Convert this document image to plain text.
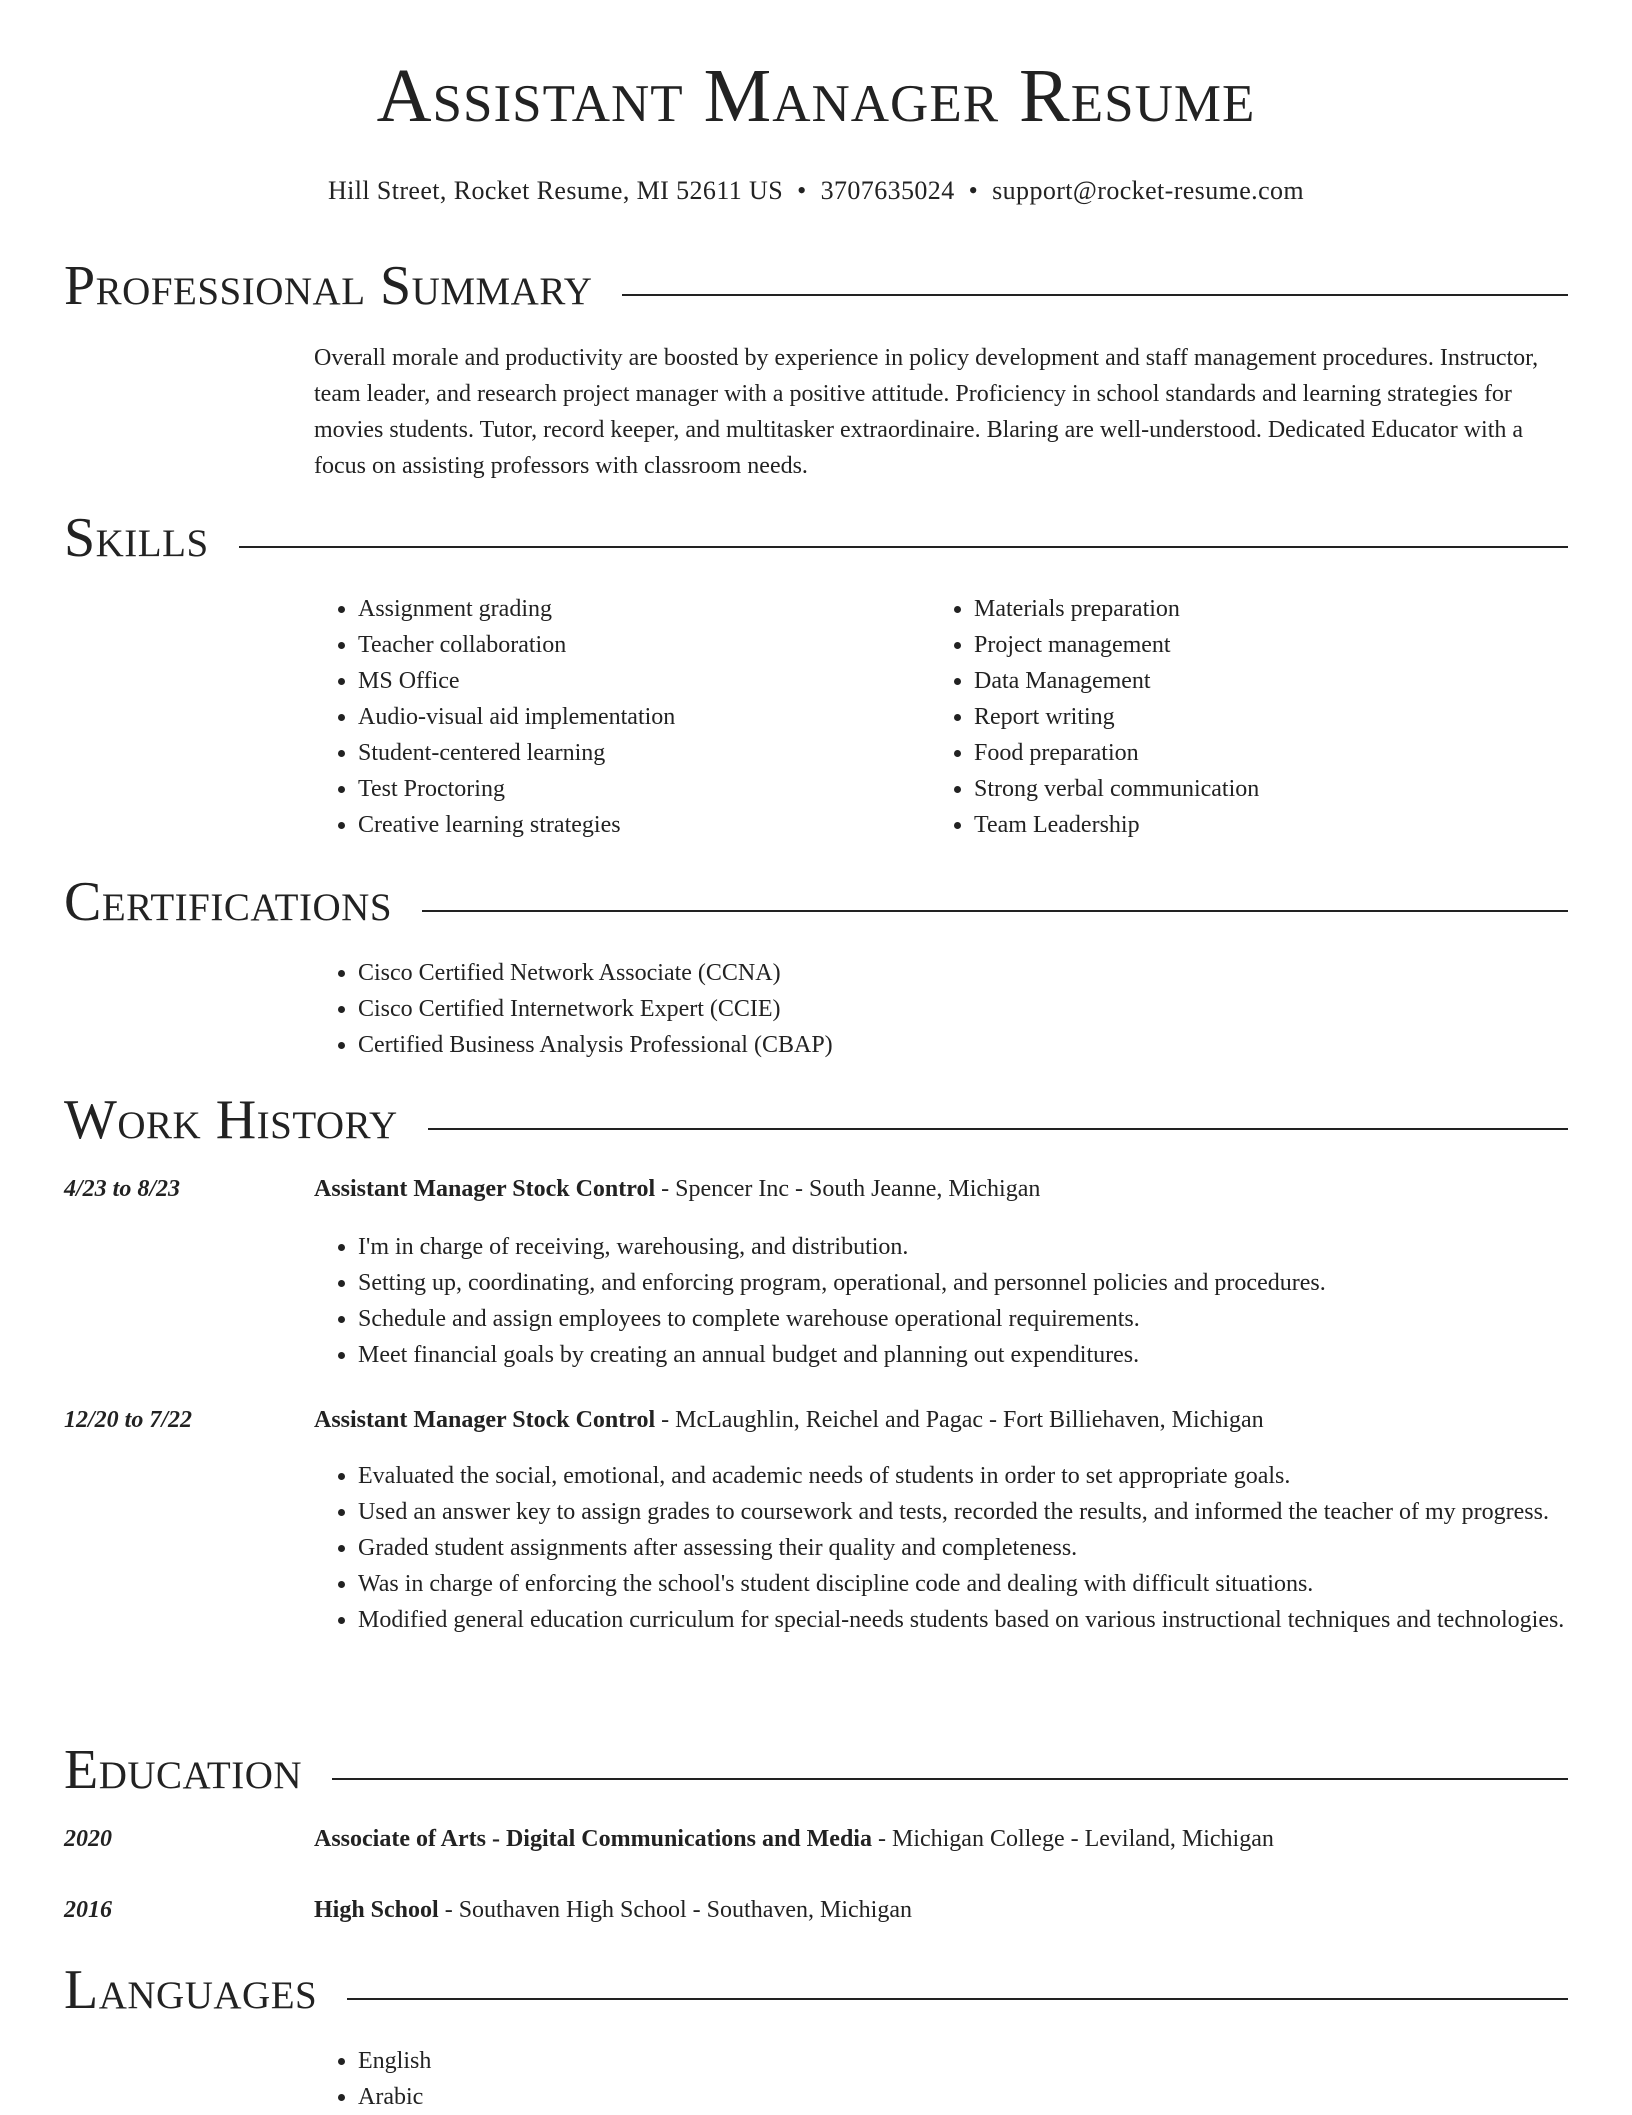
Assistant Manager Resume
Hill Street, Rocket Resume, MI 52611 US • 3707635024 • support@rocket-resume.com
Professional Summary
Overall morale and productivity are boosted by experience in policy development and staff management procedures. Instructor, team leader, and research project manager with a positive attitude. Proficiency in school standards and learning strategies for movies students. Tutor, record keeper, and multitasker extraordinaire. Blaring are well-understood. Dedicated Educator with a focus on assisting professors with classroom needs.
Skills
• Assignment grading
• Teacher collaboration
• MS Office
• Audio-visual aid implementation
• Student-centered learning
• Test Proctoring
• Creative learning strategies
• Materials preparation
• Project management
• Data Management
• Report writing
• Food preparation
• Strong verbal communication
• Team Leadership
Certifications
• Cisco Certified Network Associate (CCNA)
• Cisco Certified Internetwork Expert (CCIE)
• Certified Business Analysis Professional (CBAP)
Work History
4/23 to 8/23	Assistant Manager Stock Control - Spencer Inc - South Jeanne, Michigan
• I'm in charge of receiving, warehousing, and distribution.
• Setting up, coordinating, and enforcing program, operational, and personnel policies and procedures.
• Schedule and assign employees to complete warehouse operational requirements.
• Meet financial goals by creating an annual budget and planning out expenditures.
12/20 to 7/22	Assistant Manager Stock Control - McLaughlin, Reichel and Pagac - Fort Billiehaven, Michigan
• Evaluated the social, emotional, and academic needs of students in order to set appropriate goals.
• Used an answer key to assign grades to coursework and tests, recorded the results, and informed the teacher of my progress.
• Graded student assignments after assessing their quality and completeness.
• Was in charge of enforcing the school's student discipline code and dealing with difficult situations.
• Modified general education curriculum for special-needs students based on various instructional techniques and technologies.
Education
2020	Associate of Arts - Digital Communications and Media - Michigan College - Leviland, Michigan
2016	High School - Southaven High School - Southaven, Michigan
Languages
• English
• Arabic
